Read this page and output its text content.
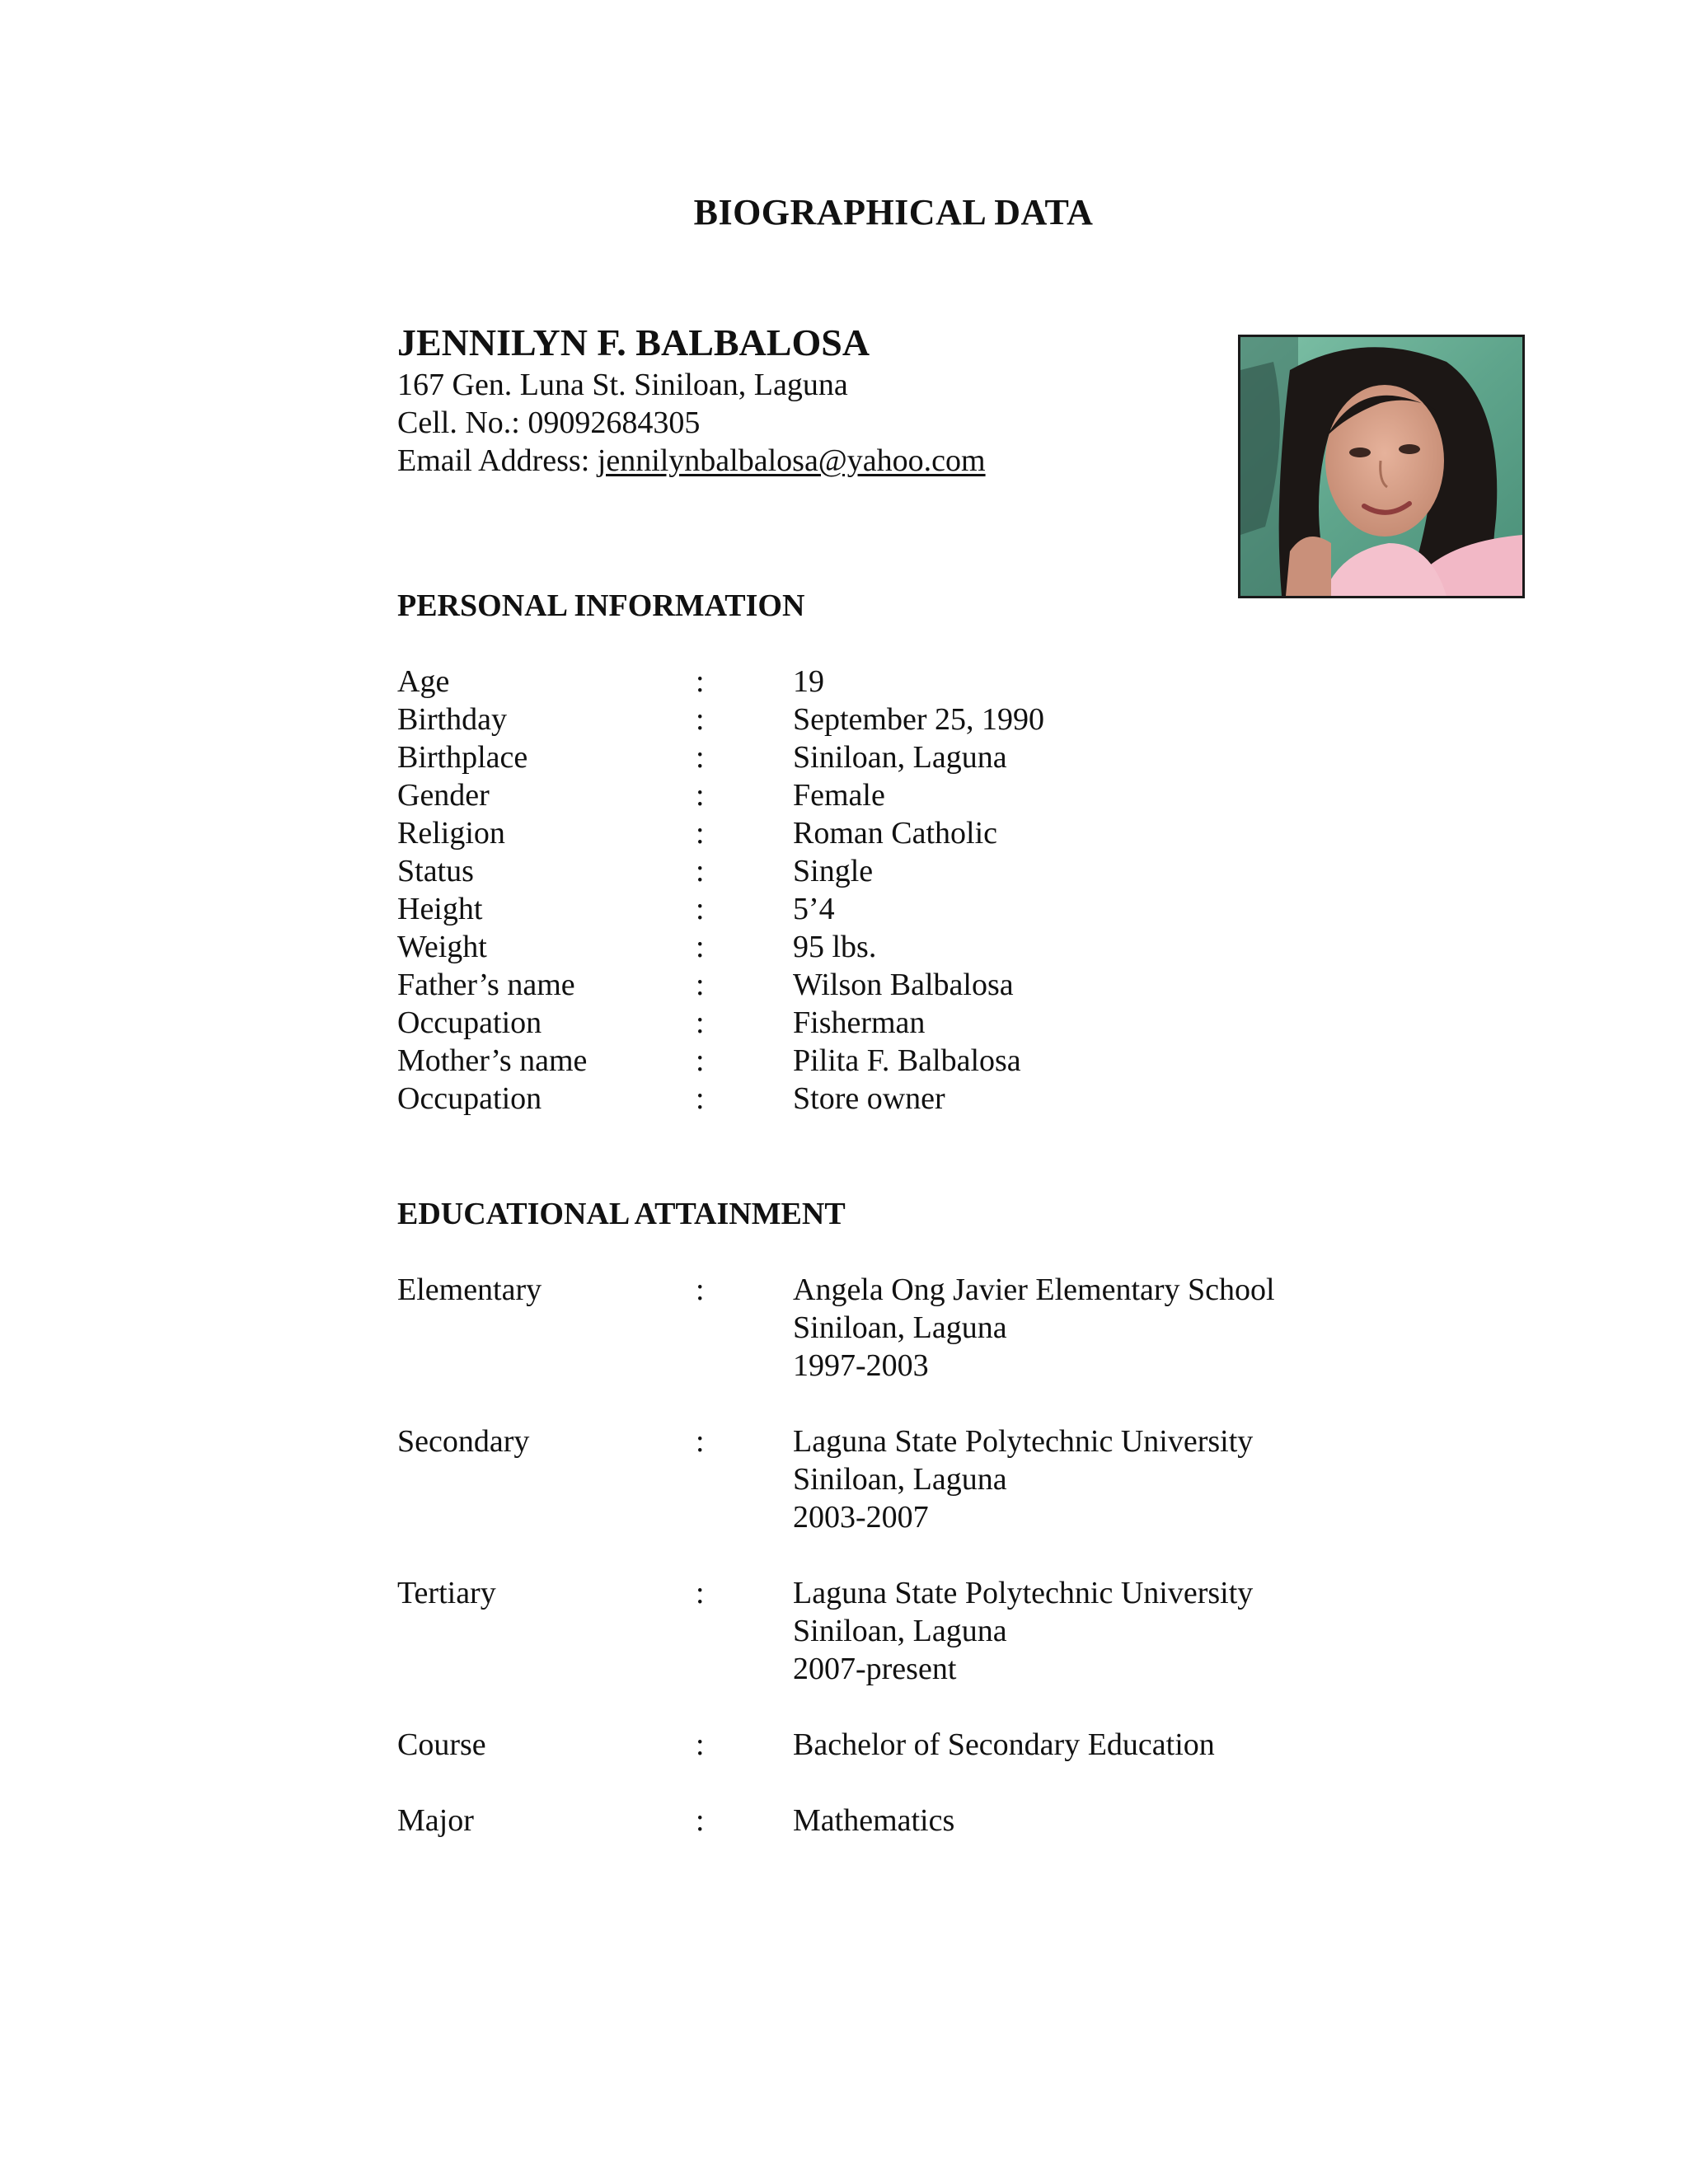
BIOGRAPHICAL DATA
JENNILYN F. BALBALOSA
167 Gen. Luna St. Siniloan, Laguna
Cell. No.: 09092684305
Email Address: jennilynbalbalosa@yahoo.com
PERSONAL INFORMATION
Age	:	19
Birthday	:	September 25, 1990
Birthplace	:	Siniloan, Laguna
Gender	:	Female
Religion	:	Roman Catholic
Status	:	Single
Height	:	5’4
Weight	:	95 lbs.
Father’s name	:	Wilson Balbalosa
Occupation	:	Fisherman
Mother’s name	:	Pilita F. Balbalosa
Occupation	:	Store owner
EDUCATIONAL ATTAINMENT
Elementary	:	Angela Ong Javier Elementary School
Siniloan, Laguna
1997-2003
Secondary	:	Laguna State Polytechnic University
Siniloan, Laguna
2003-2007
Tertiary	:	Laguna State Polytechnic University
Siniloan, Laguna
2007-present
Course	:	Bachelor of Secondary Education
Major	:	Mathematics
